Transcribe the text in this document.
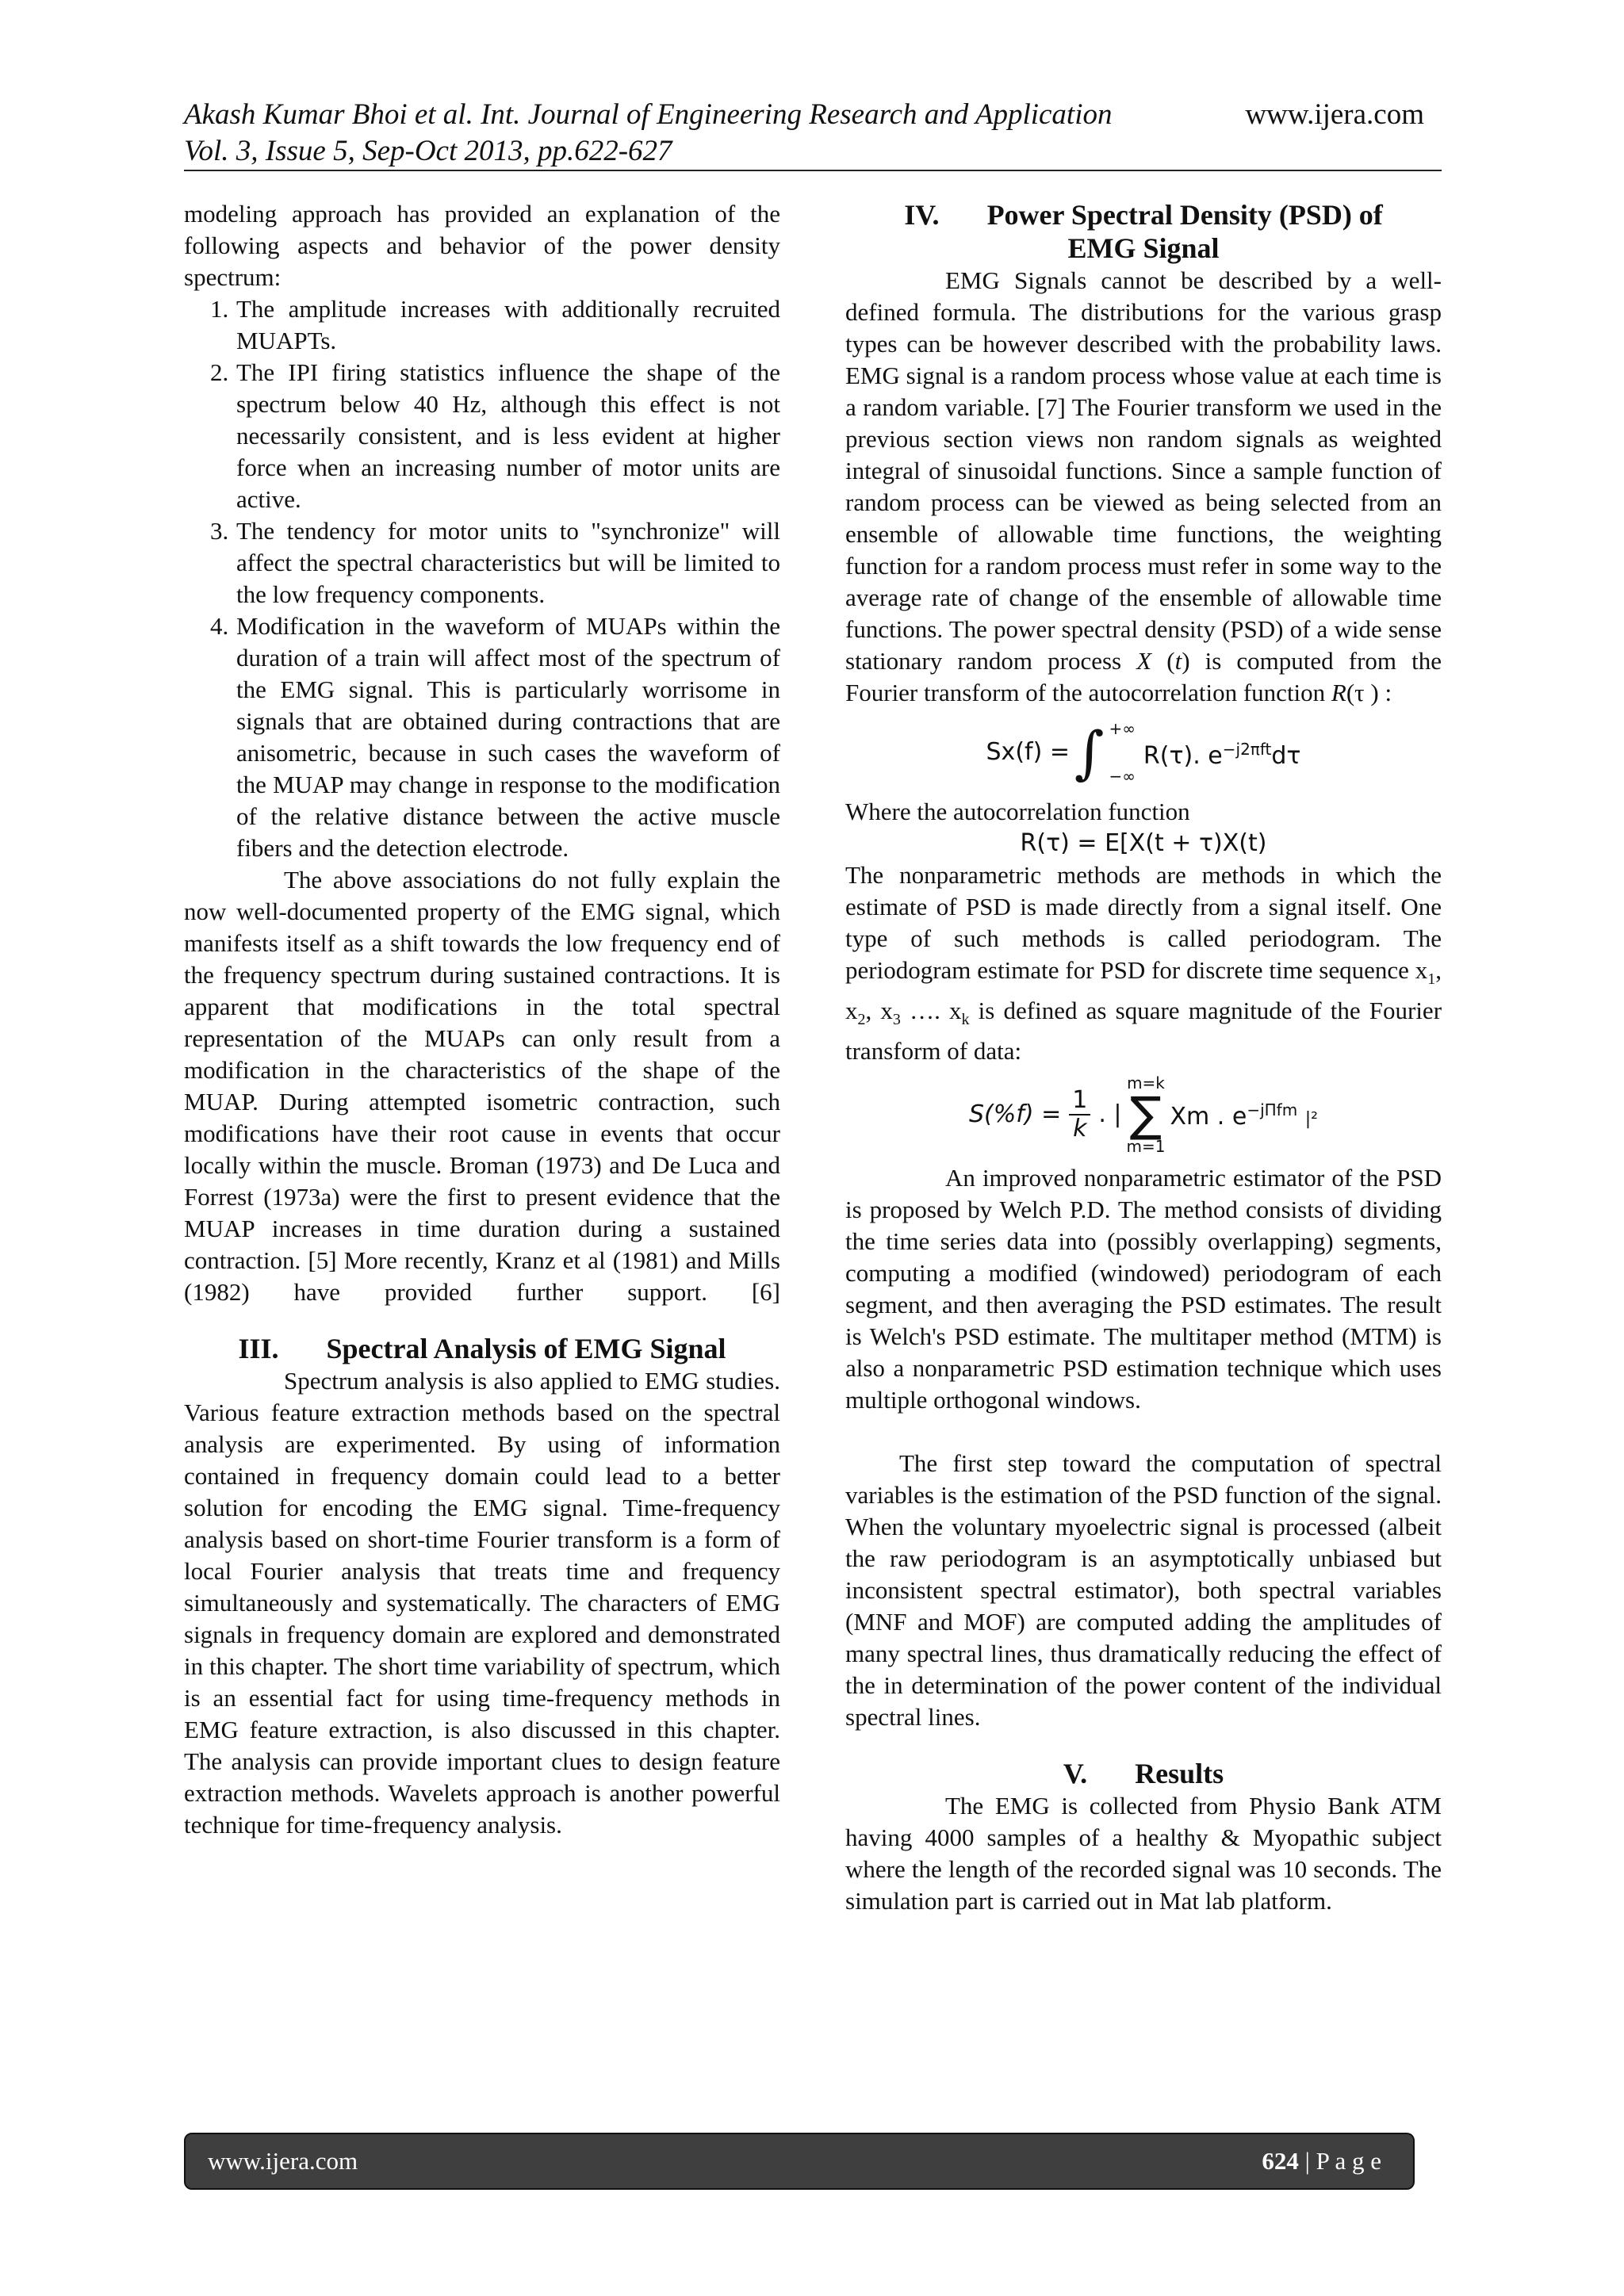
Akash Kumar Bhoi et al. Int. Journal of Engineering Research and Application
Vol. 3, Issue 5, Sep-Oct 2013, pp.622-627
www.ijera.com

modeling approach has provided an explanation of the following aspects and behavior of the power density spectrum:

1. The amplitude increases with additionally recruited MUAPTs.
2. The IPI firing statistics influence the shape of the spectrum below 40 Hz, although this effect is not necessarily consistent, and is less evident at higher force when an increasing number of motor units are active.
3. The tendency for motor units to "synchronize" will affect the spectral characteristics but will be limited to the low frequency components.
4. Modification in the waveform of MUAPs within the duration of a train will affect most of the spectrum of the EMG signal. This is particularly worrisome in signals that are obtained during contractions that are anisometric, because in such cases the waveform of the MUAP may change in response to the modification of the relative distance between the active muscle fibers and the detection electrode.

The above associations do not fully explain the now well-documented property of the EMG signal, which manifests itself as a shift towards the low frequency end of the frequency spectrum during sustained contractions. It is apparent that modifications in the total spectral representation of the MUAPs can only result from a modification in the characteristics of the shape of the MUAP. During attempted isometric contraction, such modifications have their root cause in events that occur locally within the muscle. Broman (1973) and De Luca and Forrest (1973a) were the first to present evidence that the MUAP increases in time duration during a sustained contraction. [5] More recently, Kranz et al (1981) and Mills (1982) have provided further support. [6]

III. Spectral Analysis of EMG Signal

Spectrum analysis is also applied to EMG studies. Various feature extraction methods based on the spectral analysis are experimented. By using of information contained in frequency domain could lead to a better solution for encoding the EMG signal. Time-frequency analysis based on short-time Fourier transform is a form of local Fourier analysis that treats time and frequency simultaneously and systematically. The characters of EMG signals in frequency domain are explored and demonstrated in this chapter. The short time variability of spectrum, which is an essential fact for using time-frequency methods in EMG feature extraction, is also discussed in this chapter. The analysis can provide important clues to design feature extraction methods. Wavelets approach is another powerful technique for time-frequency analysis.

IV. Power Spectral Density (PSD) of
EMG Signal

EMG Signals cannot be described by a well-defined formula. The distributions for the various grasp types can be however described with the probability laws. EMG signal is a random process whose value at each time is a random variable. [7] The Fourier transform we used in the previous section views non random signals as weighted integral of sinusoidal functions. Since a sample function of random process can be viewed as being selected from an ensemble of allowable time functions, the weighting function for a random process must refer in some way to the average rate of change of the ensemble of allowable time functions. The power spectral density (PSD) of a wide sense stationary random process X (t) is computed from the Fourier transform of the autocorrelation function R(τ ) :

Sx(f) = ∫ +∞
−∞
R(τ). $e^{-j2\pi ft}d\tau$

Where the autocorrelation function

R(τ) = E[X(t + τ)X(t)

The nonparametric methods are methods in which the estimate of PSD is made directly from a signal itself. One type of such methods is called periodogram. The periodogram estimate for PSD for discrete time sequence $x_1$, $x_2$, $x_3$ …. $x_k$ is defined as square magnitude of the Fourier transform of data:

$S(\%f) = \frac{1}{k}$ . |
m=k
∑
m=1
Xm . $e^{-j\Pi fm}$ |²

An improved nonparametric estimator of the PSD is proposed by Welch P.D. The method consists of dividing the time series data into (possibly overlapping) segments, computing a modified (windowed) periodogram of each segment, and then averaging the PSD estimates. The result is Welch's PSD estimate. The multitaper method (MTM) is also a nonparametric PSD estimation technique which uses multiple orthogonal windows.

The first step toward the computation of spectral variables is the estimation of the PSD function of the signal. When the voluntary myoelectric signal is processed (albeit the raw periodogram is an asymptotically unbiased but inconsistent spectral estimator), both spectral variables (MNF and MOF) are computed adding the amplitudes of many spectral lines, thus dramatically reducing the effect of the in determination of the power content of the individual spectral lines.

V. Results

The EMG is collected from Physio Bank ATM having 4000 samples of a healthy & Myopathic subject where the length of the recorded signal was 10 seconds. The simulation part is carried out in Mat lab platform.

www.ijera.com	624 | P a g e
